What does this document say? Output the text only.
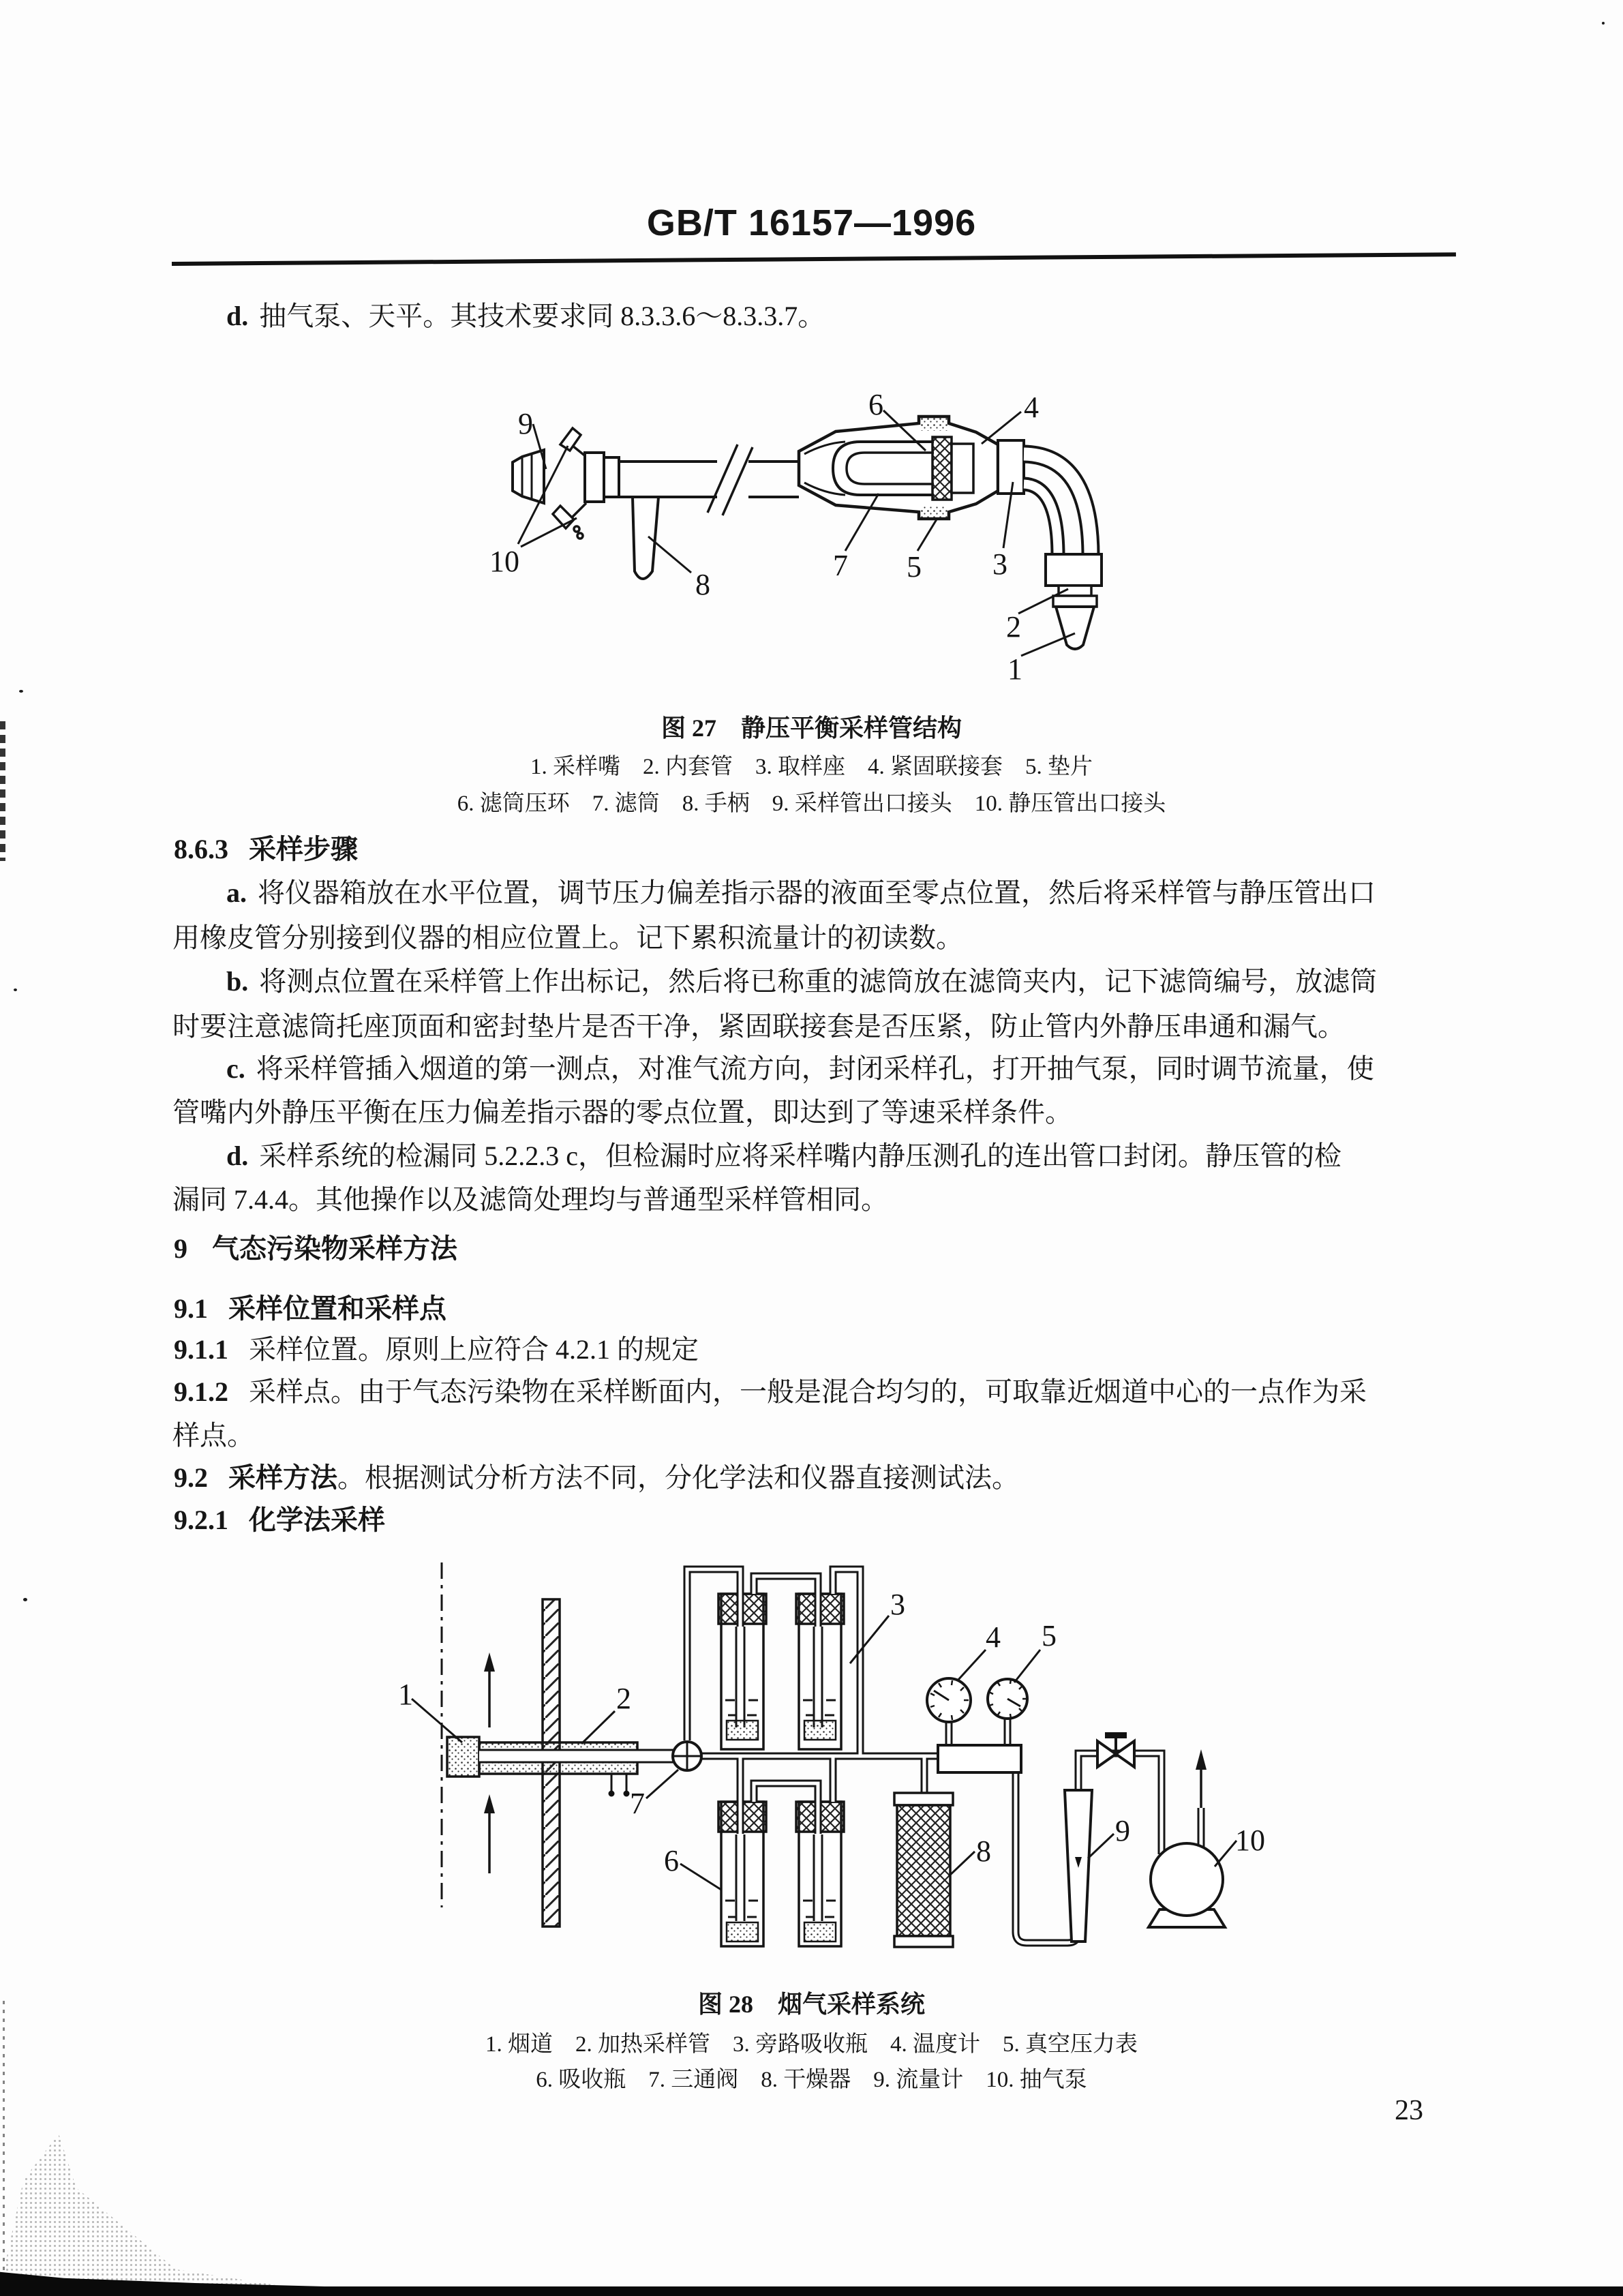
GB/T 16157—1996
d. 抽气泵、天平。其技术要求同 8.3.3.6～8.3.3.7。
9
10
8
7 5 3
6	4
2
1
图 27　静压平衡采样管结构
1. 采样嘴　2. 内套管　3. 取样座　4. 紧固联接套　5. 垫片
6. 滤筒压环　7. 滤筒　8. 手柄　9. 采样管出口接头　10. 静压管出口接头
8.6.3 采样步骤
a. 将仪器箱放在水平位置，调节压力偏差指示器的液面至零点位置，然后将采样管与静压管出口
用橡皮管分别接到仪器的相应位置上。记下累积流量计的初读数。
b. 将测点位置在采样管上作出标记，然后将已称重的滤筒放在滤筒夹内，记下滤筒编号，放滤筒
时要注意滤筒托座顶面和密封垫片是否干净，紧固联接套是否压紧，防止管内外静压串通和漏气。
c. 将采样管插入烟道的第一测点，对准气流方向，封闭采样孔，打开抽气泵，同时调节流量，使
管嘴内外静压平衡在压力偏差指示器的零点位置，即达到了等速采样条件。
d. 采样系统的检漏同 5.2.2.3 c，但检漏时应将采样嘴内静压测孔的连出管口封闭。静压管的检
漏同 7.4.4。其他操作以及滤筒处理均与普通型采样管相同。
9 气态污染物采样方法
9.1 采样位置和采样点
9.1.1 采样位置。原则上应符合 4.2.1 的规定
9.1.2 采样点。由于气态污染物在采样断面内，一般是混合均匀的，可取靠近烟道中心的一点作为采
样点。
9.2 采样方法。根据测试分析方法不同，分化学法和仪器直接测试法。
9.2.1 化学法采样
1	2
7
3
6
4 5
8
9	10
图 28　烟气采样系统
1. 烟道　2. 加热采样管　3. 旁路吸收瓶　4. 温度计　5. 真空压力表
6. 吸收瓶　7. 三通阀　8. 干燥器　9. 流量计　10. 抽气泵
23
